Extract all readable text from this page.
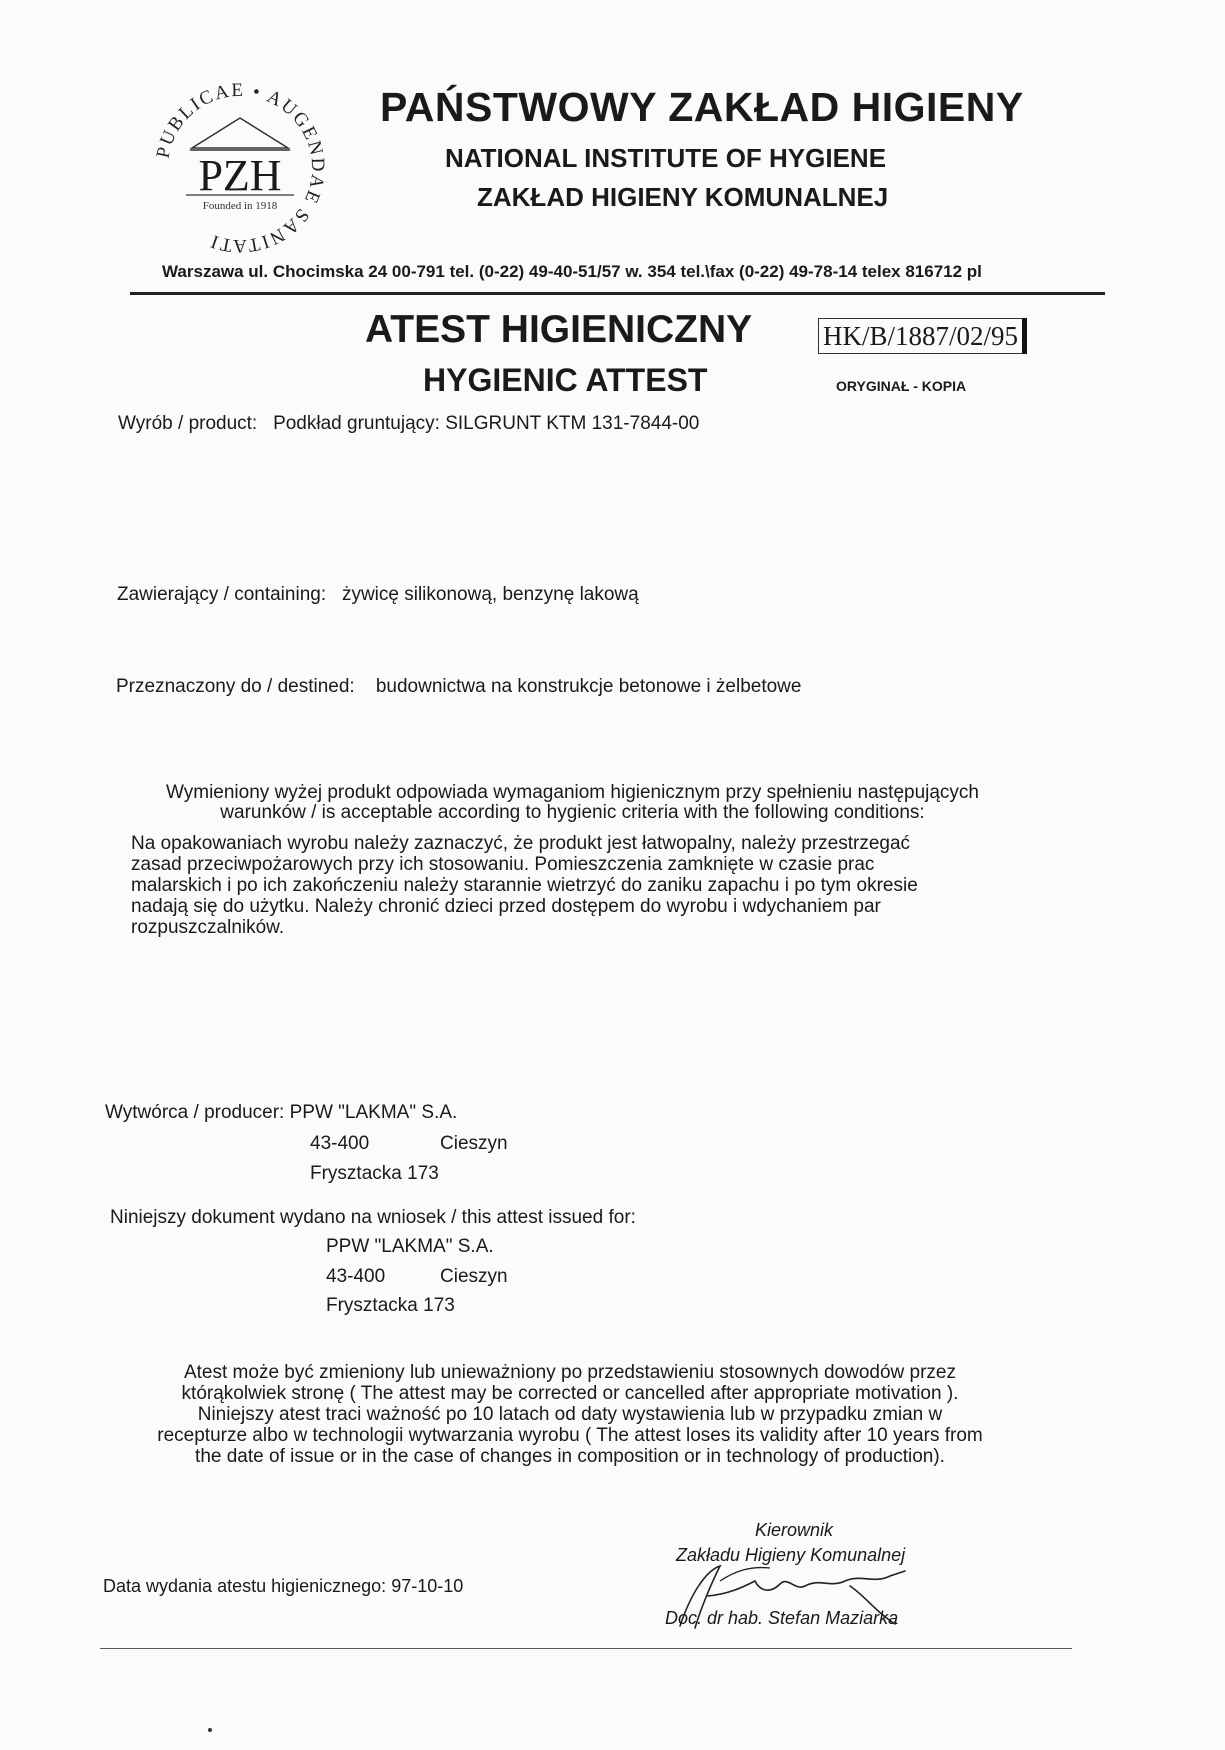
PUBLICAE • AUGENDAE SANITATI
PZH
Founded in 1918
PAŃSTWOWY ZAKŁAD HIGIENY
NATIONAL INSTITUTE OF HYGIENE
ZAKŁAD HIGIENY KOMUNALNEJ
Warszawa ul. Chocimska 24 00-791 tel. (0-22) 49-40-51/57 w. 354 tel.\fax (0-22) 49-78-14 telex 816712 pl
ATEST HIGIENICZNY
HYGIENIC ATTEST
HK/B/1887/02/95
ORYGINAŁ - KOPIA
Wyrób / product: Podkład gruntujący: SILGRUNT KTM 131-7844-00
Zawierający / containing: żywicę silikonową, benzynę lakową
Przeznaczony do / destined: budownictwa na konstrukcje betonowe i żelbetowe
Wymieniony wyżej produkt odpowiada wymaganiom higienicznym przy spełnieniu następujących
warunków / is acceptable according to hygienic criteria with the following conditions:
Na opakowaniach wyrobu należy zaznaczyć, że produkt jest łatwopalny, należy przestrzegać
zasad przeciwpożarowych przy ich stosowaniu. Pomieszczenia zamknięte w czasie prac
malarskich i po ich zakończeniu należy starannie wietrzyć do zaniku zapachu i po tym okresie
nadają się do użytku. Należy chronić dzieci przed dostępem do wyrobu i wdychaniem par
rozpuszczalników.
Wytwórca / producer: PPW "LAKMA" S.A.
43-400	Cieszyn
Frysztacka 173
Niniejszy dokument wydano na wniosek / this attest issued for:
PPW "LAKMA" S.A.
43-400	Cieszyn
Frysztacka 173
Atest może być zmieniony lub unieważniony po przedstawieniu stosownych dowodów przez
którąkolwiek stronę ( The attest may be corrected or cancelled after appropriate motivation ).
Niniejszy atest traci ważność po 10 latach od daty wystawienia lub w przypadku zmian w
recepturze albo w technologii wytwarzania wyrobu ( The attest loses its validity after 10 years from
the date of issue or in the case of changes in composition or in technology of production).
Data wydania atestu higienicznego: 97-10-10
Kierownik
Zakładu Higieny Komunalnej
Doc. dr hab. Stefan Maziarka
